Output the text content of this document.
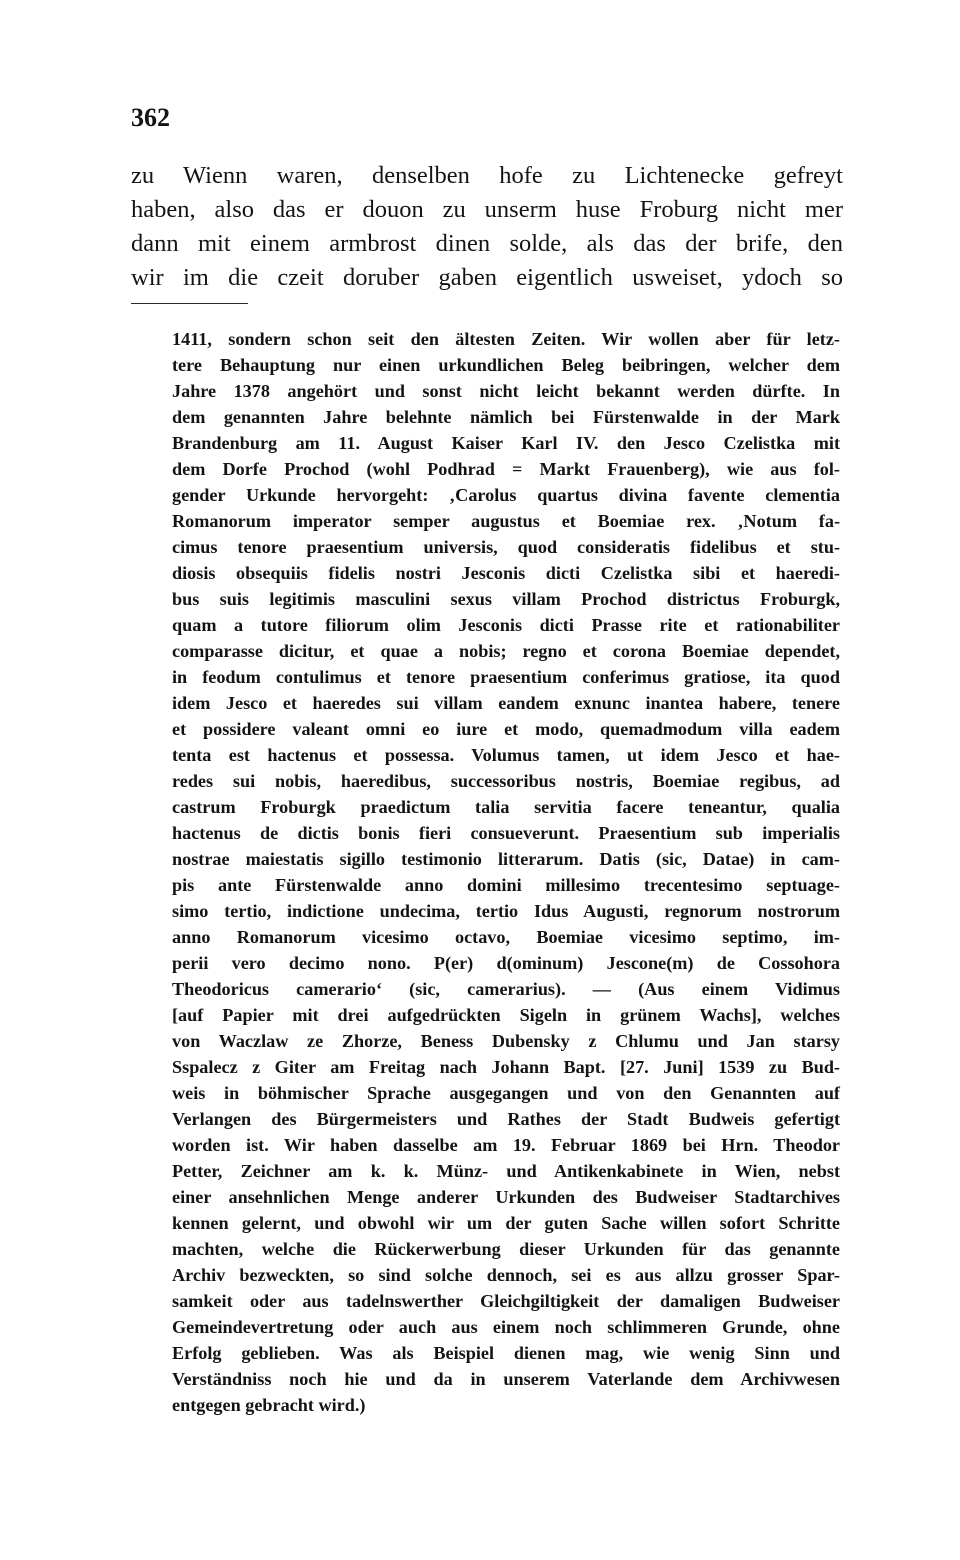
362
zu Wienn waren, denselben hofe zu Lichtenecke gefreyt
haben, also das er douon zu unserm huse Froburg nicht mer
dann mit einem armbrost dinen solde, als das der brife, den
wir im die czeit doruber gaben eigentlich usweiset, ydoch so
1411, sondern schon seit den ältesten Zeiten. Wir wollen aber für letz-
tere Behauptung nur einen urkundlichen Beleg beibringen, welcher dem
Jahre 1378 angehört und sonst nicht leicht bekannt werden dürfte. In
dem genannten Jahre belehnte nämlich bei Fürstenwalde in der Mark
Brandenburg am 11. August Kaiser Karl IV. den Jesco Czelistka mit
dem Dorfe Prochod (wohl Podhrad = Markt Frauenberg), wie aus fol-
gender Urkunde hervorgeht: ‚Carolus quartus divina favente clementia
Romanorum imperator semper augustus et Boemiae rex. ‚Notum fa-
cimus tenore praesentium universis, quod consideratis fidelibus et stu-
diosis obsequiis fidelis nostri Jesconis dicti Czelistka sibi et haeredi-
bus suis legitimis masculini sexus villam Prochod districtus Froburgk,
quam a tutore filiorum olim Jesconis dicti Prasse rite et rationabiliter
comparasse dicitur, et quae a nobis; regno et corona Boemiae dependet,
in feodum contulimus et tenore praesentium conferimus gratiose, ita quod
idem Jesco et haeredes sui villam eandem exnunc inantea habere, tenere
et possidere valeant omni eo iure et modo, quemadmodum villa eadem
tenta est hactenus et possessa. Volumus tamen, ut idem Jesco et hae-
redes sui nobis, haeredibus, successoribus nostris, Boemiae regibus, ad
castrum Froburgk praedictum talia servitia facere teneantur, qualia
hactenus de dictis bonis fieri consueverunt. Praesentium sub imperialis
nostrae maiestatis sigillo testimonio litterarum. Datis (sic, Datae) in cam-
pis ante Fürstenwalde anno domini millesimo trecentesimo septuage-
simo tertio, indictione undecima, tertio Idus Augusti, regnorum nostrorum
anno Romanorum vicesimo octavo, Boemiae vicesimo septimo, im-
perii vero decimo nono. P(er) d(ominum) Jescone(m) de Cossohora
Theodoricus camerario‘ (sic, camerarius). — (Aus einem Vidimus
[auf Papier mit drei aufgedrückten Sigeln in grünem Wachs], welches
von Waczlaw ze Zhorze, Beness Dubensky z Chlumu und Jan starsy
Sspalecz z Giter am Freitag nach Johann Bapt. [27. Juni] 1539 zu Bud-
weis in böhmischer Sprache ausgegangen und von den Genannten auf
Verlangen des Bürgermeisters und Rathes der Stadt Budweis gefertigt
worden ist. Wir haben dasselbe am 19. Februar 1869 bei Hrn. Theodor
Petter, Zeichner am k. k. Münz- und Antikenkabinete in Wien, nebst
einer ansehnlichen Menge anderer Urkunden des Budweiser Stadtarchives
kennen gelernt, und obwohl wir um der guten Sache willen sofort Schritte
machten, welche die Rückerwerbung dieser Urkunden für das genannte
Archiv bezweckten, so sind solche dennoch, sei es aus allzu grosser Spar-
samkeit oder aus tadelnswerther Gleichgiltigkeit der damaligen Budweiser
Gemeindevertretung oder auch aus einem noch schlimmeren Grunde, ohne
Erfolg geblieben. Was als Beispiel dienen mag, wie wenig Sinn und
Verständniss noch hie und da in unserem Vaterlande dem Archivwesen
entgegen gebracht wird.)
